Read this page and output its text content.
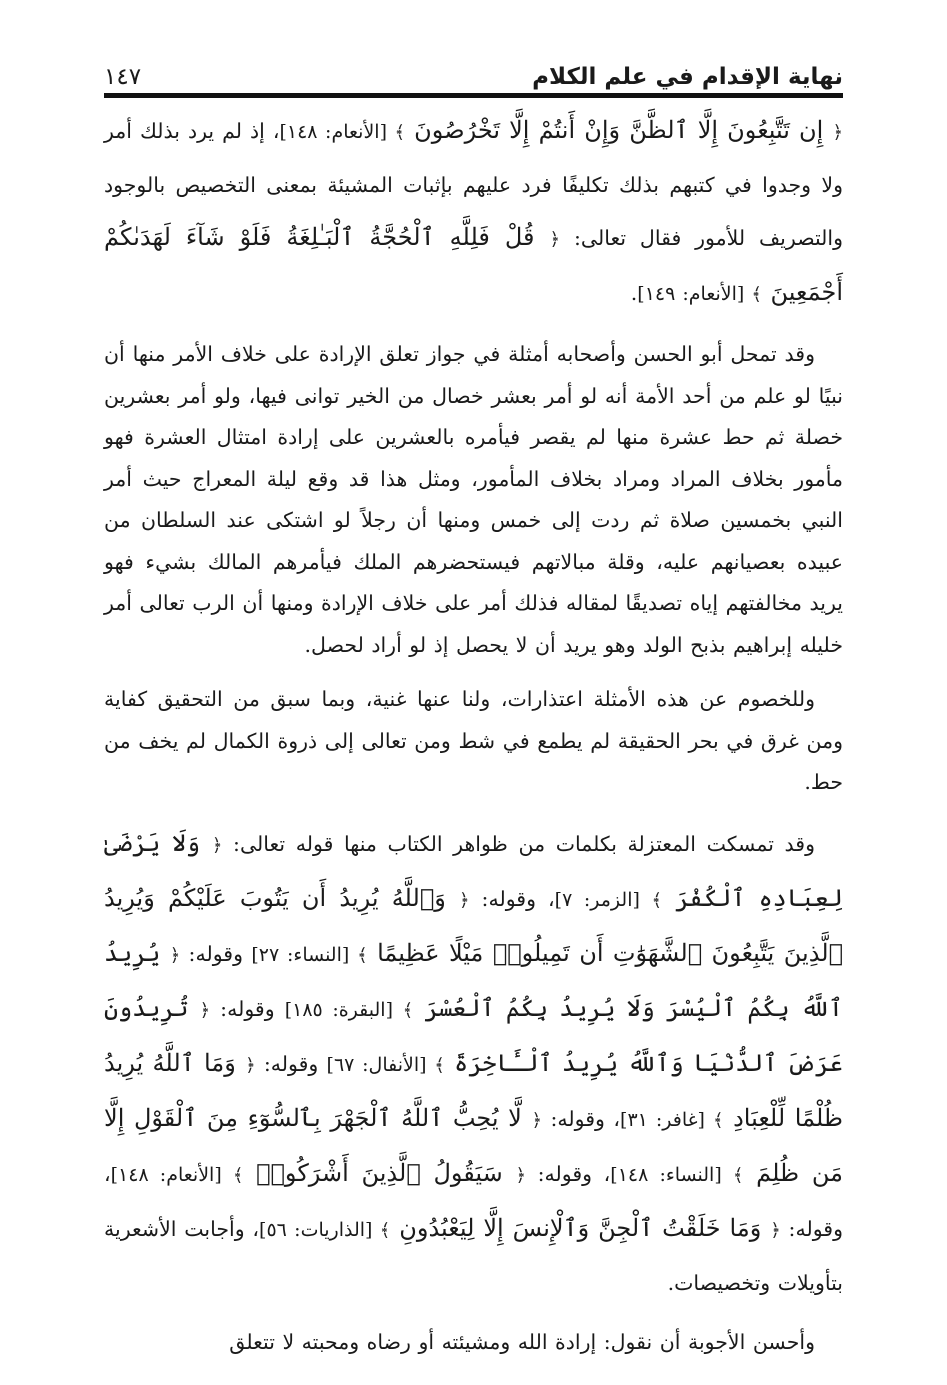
نهاية الإقدام في علم الكلام
١٤٧

﴿ إِن تَتَّبِعُونَ إِلَّا ٱلظَّنَّ وَإِنْ أَنتُمْ إِلَّا تَخْرُصُونَ ﴾ [الأنعام: ١٤٨]، إذ لم يرد بذلك أمر ولا وجدوا في كتبهم بذلك تكليفًا فرد عليهم بإثبات المشيئة بمعنى التخصيص بالوجود والتصريف للأمور فقال تعالى: ﴿ قُلْ فَلِلَّهِ ٱلْحُجَّةُ ٱلْبَـٰلِغَةُ فَلَوْ شَآءَ لَهَدَىٰكُمْ أَجْمَعِينَ ﴾ [الأنعام: ١٤٩].

وقد تمحل أبو الحسن وأصحابه أمثلة في جواز تعلق الإرادة على خلاف الأمر منها أن نبيًا لو علم من أحد الأمة أنه لو أمر بعشر خصال من الخير توانى فيها، ولو أمر بعشرين خصلة ثم حط عشرة منها لم يقصر فيأمره بالعشرين على إرادة امتثال العشرة فهو مأمور بخلاف المراد ومراد بخلاف المأمور، ومثل هذا قد وقع ليلة المعراج حيث أمر النبي بخمسين صلاة ثم ردت إلى خمس ومنها أن رجلاً لو اشتكى عند السلطان من عبيده بعصيانهم عليه، وقلة مبالاتهم فيستحضرهم الملك فيأمرهم المالك بشيء فهو يريد مخالفتهم إياه تصديقًا لمقاله فذلك أمر على خلاف الإرادة ومنها أن الرب تعالى أمر خليله إبراهيم بذبح الولد وهو يريد أن لا يحصل إذ لو أراد لحصل.

وللخصوم عن هذه الأمثلة اعتذارات، ولنا عنها غنية، وبما سبق من التحقيق كفاية ومن غرق في بحر الحقيقة لم يطمع في شط ومن تعالى إلى ذروة الكمال لم يخف من حط.

وقد تمسكت المعتزلة بكلمات من ظواهر الكتاب منها قوله تعالى: ﴿ وَلَا يَرْضَىٰ لِعِبَادِهِ ٱلْكُفْرَ ﴾ [الزمر: ٧]، وقوله: ﴿ وَٱللَّهُ يُرِيدُ أَن يَتُوبَ عَلَيْكُمْ وَيُرِيدُ ٱلَّذِينَ يَتَّبِعُونَ ٱلشَّهَوَٰتِ أَن تَمِيلُوا۟ مَيْلًا عَظِيمًا ﴾ [النساء: ٢٧] وقوله: ﴿ يُرِيدُ ٱللَّهُ بِكُمُ ٱلْيُسْرَ وَلَا يُرِيدُ بِكُمُ ٱلْعُسْرَ ﴾ [البقرة: ١٨٥] وقوله: ﴿ تُرِيدُونَ عَرَضَ ٱلدُّنْيَا وَٱللَّهُ يُرِيدُ ٱلْـَٔاخِرَةَ ﴾ [الأنفال: ٦٧] وقوله: ﴿ وَمَا ٱللَّهُ يُرِيدُ ظُلْمًا لِّلْعِبَادِ ﴾ [غافر: ٣١]، وقوله: ﴿ لَّا يُحِبُّ ٱللَّهُ ٱلْجَهْرَ بِٱلسُّوٓءِ مِنَ ٱلْقَوْلِ إِلَّا مَن ظُلِمَ ﴾ [النساء: ١٤٨]، وقوله: ﴿ سَيَقُولُ ٱلَّذِينَ أَشْرَكُوا۟ ﴾ [الأنعام: ١٤٨]، وقوله: ﴿ وَمَا خَلَقْتُ ٱلْجِنَّ وَٱلْإِنسَ إِلَّا لِيَعْبُدُونِ ﴾ [الذاريات: ٥٦]، وأجابت الأشعرية بتأويلات وتخصيصات.

وأحسن الأجوبة أن نقول: إرادة الله ومشيئته أو رضاه ومحبته لا تتعلق
